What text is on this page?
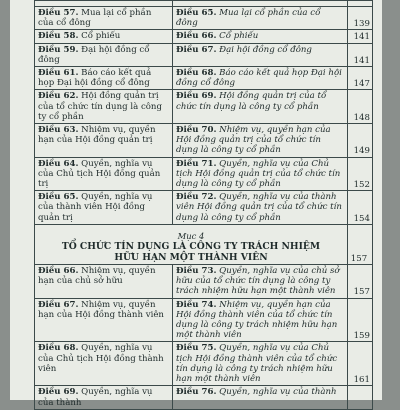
Điều 57. Mua lại cổ phần của cổ đông	Điều 65. Mua lại cổ phần của cổ đông	139
Điều 58. Cổ phiếu	Điều 66. Cổ phiếu	141
Điều 59. Đại hội đồng cổ đông	Điều 67. Đại hội đồng cổ đông	141
Điều 61. Báo cáo kết quả họp Đại hội đồng cổ đông	Điều 68. Báo cáo kết quả họp Đại hội đồng cổ đông	147
Điều 62. Hội đồng quản trị của tổ chức tín dụng là công ty cổ phần	Điều 69. Hội đồng quản trị của tổ chức tín dụng là công ty cổ phần	148
Điều 63. Nhiệm vụ, quyền hạn của Hội đồng quản trị	Điều 70. Nhiệm vụ, quyền hạn của Hội đồng quản trị của tổ chức tín dụng là công ty cổ phần	149
Điều 64. Quyền, nghĩa vụ của Chủ tịch Hội đồng quản trị	Điều 71. Quyền, nghĩa vụ của Chủ tịch Hội đồng quản trị của tổ chức tín dụng là công ty cổ phần	152
Điều 65. Quyền, nghĩa vụ của thành viên Hội đồng quản trị	Điều 72. Quyền, nghĩa vụ của thành viên Hội đồng quản trị của tổ chức tín dụng là công ty cổ phần	154

Mục 4
TỔ CHỨC TÍN DỤNG LÀ CÔNG TY TRÁCH NHIỆM
HỮU HẠN MỘT THÀNH VIÊN		157
Điều 66. Nhiệm vụ, quyền hạn của chủ sở hữu	Điều 73. Quyền, nghĩa vụ của chủ sở hữu của tổ chức tín dụng là công ty trách nhiệm hữu hạn một thành viên	157
Điều 67. Nhiệm vụ, quyền hạn của Hội đồng thành viên	Điều 74. Nhiệm vụ, quyền hạn của Hội đồng thành viên của tổ chức tín dụng là công ty trách nhiệm hữu hạn một thành viên	159
Điều 68. Quyền, nghĩa vụ của Chủ tịch Hội đồng thành viên	Điều 75. Quyền, nghĩa vụ của Chủ tịch Hội đồng thành viên của tổ chức tín dụng là công ty trách nhiệm hữu hạn một thành viên	161
Điều 69. Quyền, nghĩa vụ của thành	Điều 76. Quyền, nghĩa vụ của thành	
